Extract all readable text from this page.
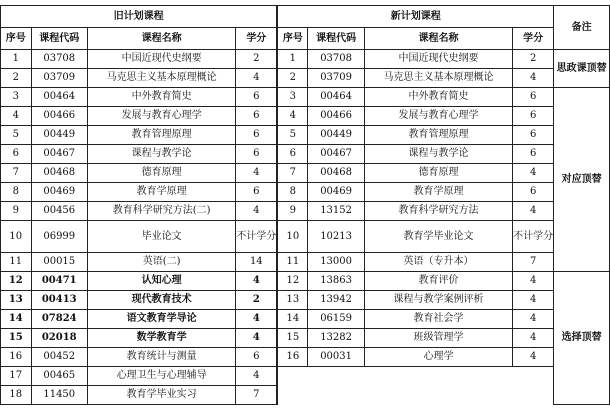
旧计划课程				新计划课程				备注
序号	课程代码	课程名称	学分	序号	课程代码	课程名称	学分	
1	03708	中国近现代史纲要	2	1	03708	中国近现代史纲要	2	思政课顶替
2	03709	马克思主义基本原理概论	4	2	03709	马克思主义基本原理概论	4	
3	00464	中外教育简史	6	3	00464	中外教育简史	6	对应顶替
4	00466	发展与教育心理学	6	4	00466	发展与教育心理学	6	
5	00449	教育管理原理	6	5	00449	教育管理原理	6	
6	00467	课程与教学论	6	6	00467	课程与教学论	6	
7	00468	德育原理	4	7	00468	德育原理	4	
8	00469	教育学原理	6	8	00469	教育学原理	6	
9	00456	教育科学研究方法(二)	4	9	13152	教育科学研究方法	4	
10	06999	毕业论文	不计学分	10	10213	教育学毕业论文	不计学分	
11	00015	英语(二)	14	11	13000	英语（专升本）	7	
12	00471	认知心理	4	12	13863	教育评价	4	选择顶替
13	00413	现代教育技术	2	13	13942	课程与教学案例评析	4	
14	07824	语文教育学导论	4	14	06159	教育社会学	4	
15	02018	数学教育学	4	15	13282	班级管理学	4	
16	00452	教育统计与测量	6	16	00031	心理学	4	
17	00465	心理卫生与心理辅导	4					
18	11450	教育学毕业实习	7					
